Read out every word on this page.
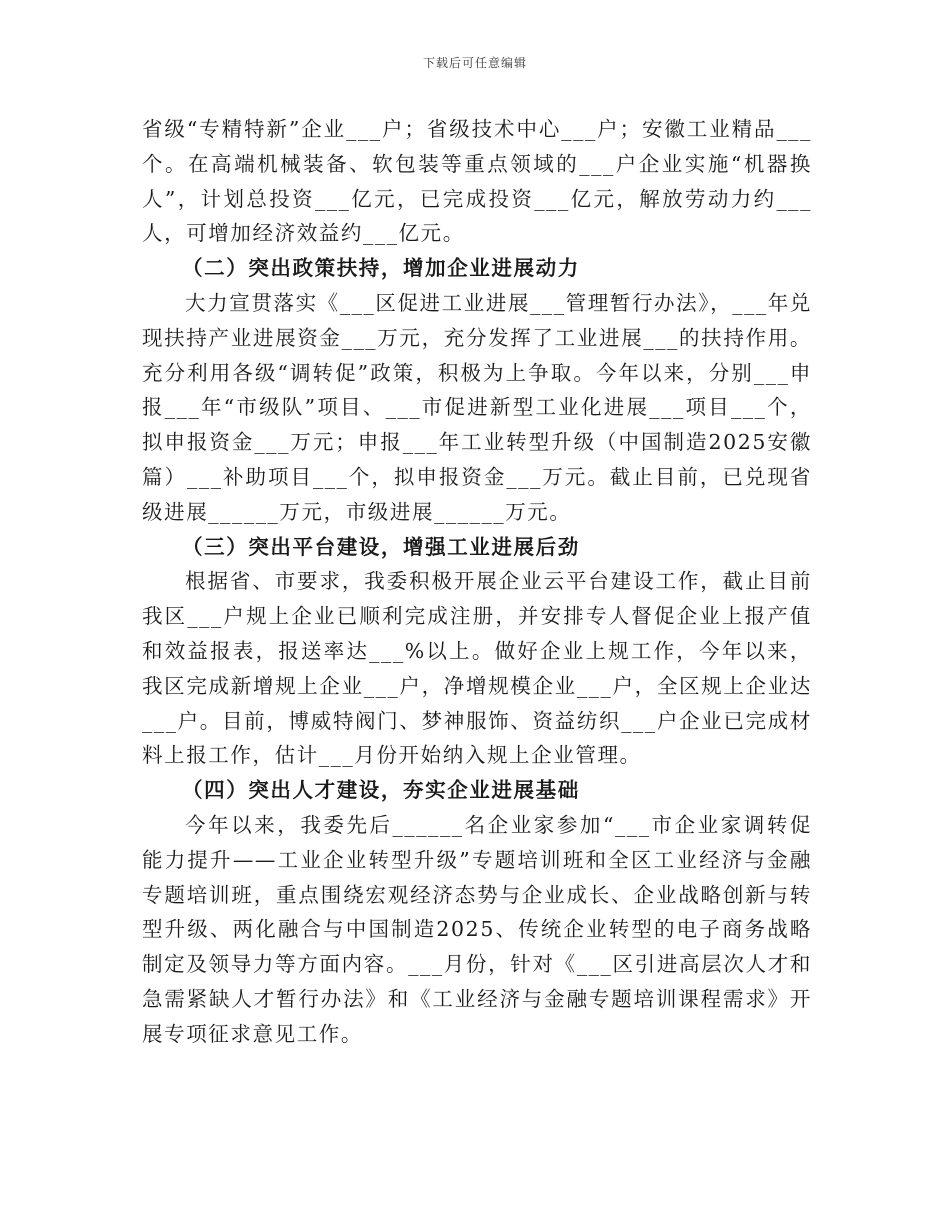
下载后可任意编辑

省级“专精特新”企业___户；省级技术中心___户；安徽工业精品___个。在高端机械装备、软包装等重点领域的___户企业实施“机器换人”，计划总投资___亿元，已完成投资___亿元，解放劳动力约___人，可增加经济效益约___亿元。

（二）突出政策扶持，增加企业进展动力

大力宣贯落实《___区促进工业进展___管理暂行办法》，___年兑现扶持产业进展资金___万元，充分发挥了工业进展___的扶持作用。充分利用各级“调转促”政策，积极为上争取。今年以来，分别___申报___年“市级队”项目、___市促进新型工业化进展___项目___个，拟申报资金___万元；申报___年工业转型升级（中国制造2025安徽篇）___补助项目___个，拟申报资金___万元。截止目前，已兑现省级进展______万元，市级进展______万元。

（三）突出平台建设，增强工业进展后劲

根据省、市要求，我委积极开展企业云平台建设工作，截止目前我区___户规上企业已顺利完成注册，并安排专人督促企业上报产值和效益报表，报送率达___%以上。做好企业上规工作，今年以来，我区完成新增规上企业___户，净增规模企业___户，全区规上企业达___户。目前，博威特阀门、梦神服饰、资益纺织___户企业已完成材料上报工作，估计___月份开始纳入规上企业管理。

（四）突出人才建设，夯实企业进展基础

今年以来，我委先后______名企业家参加“___市企业家调转促能力提升——工业企业转型升级”专题培训班和全区工业经济与金融专题培训班，重点围绕宏观经济态势与企业成长、企业战略创新与转型升级、两化融合与中国制造2025、传统企业转型的电子商务战略制定及领导力等方面内容。___月份，针对《___区引进高层次人才和急需紧缺人才暂行办法》和《工业经济与金融专题培训课程需求》开展专项征求意见工作。
